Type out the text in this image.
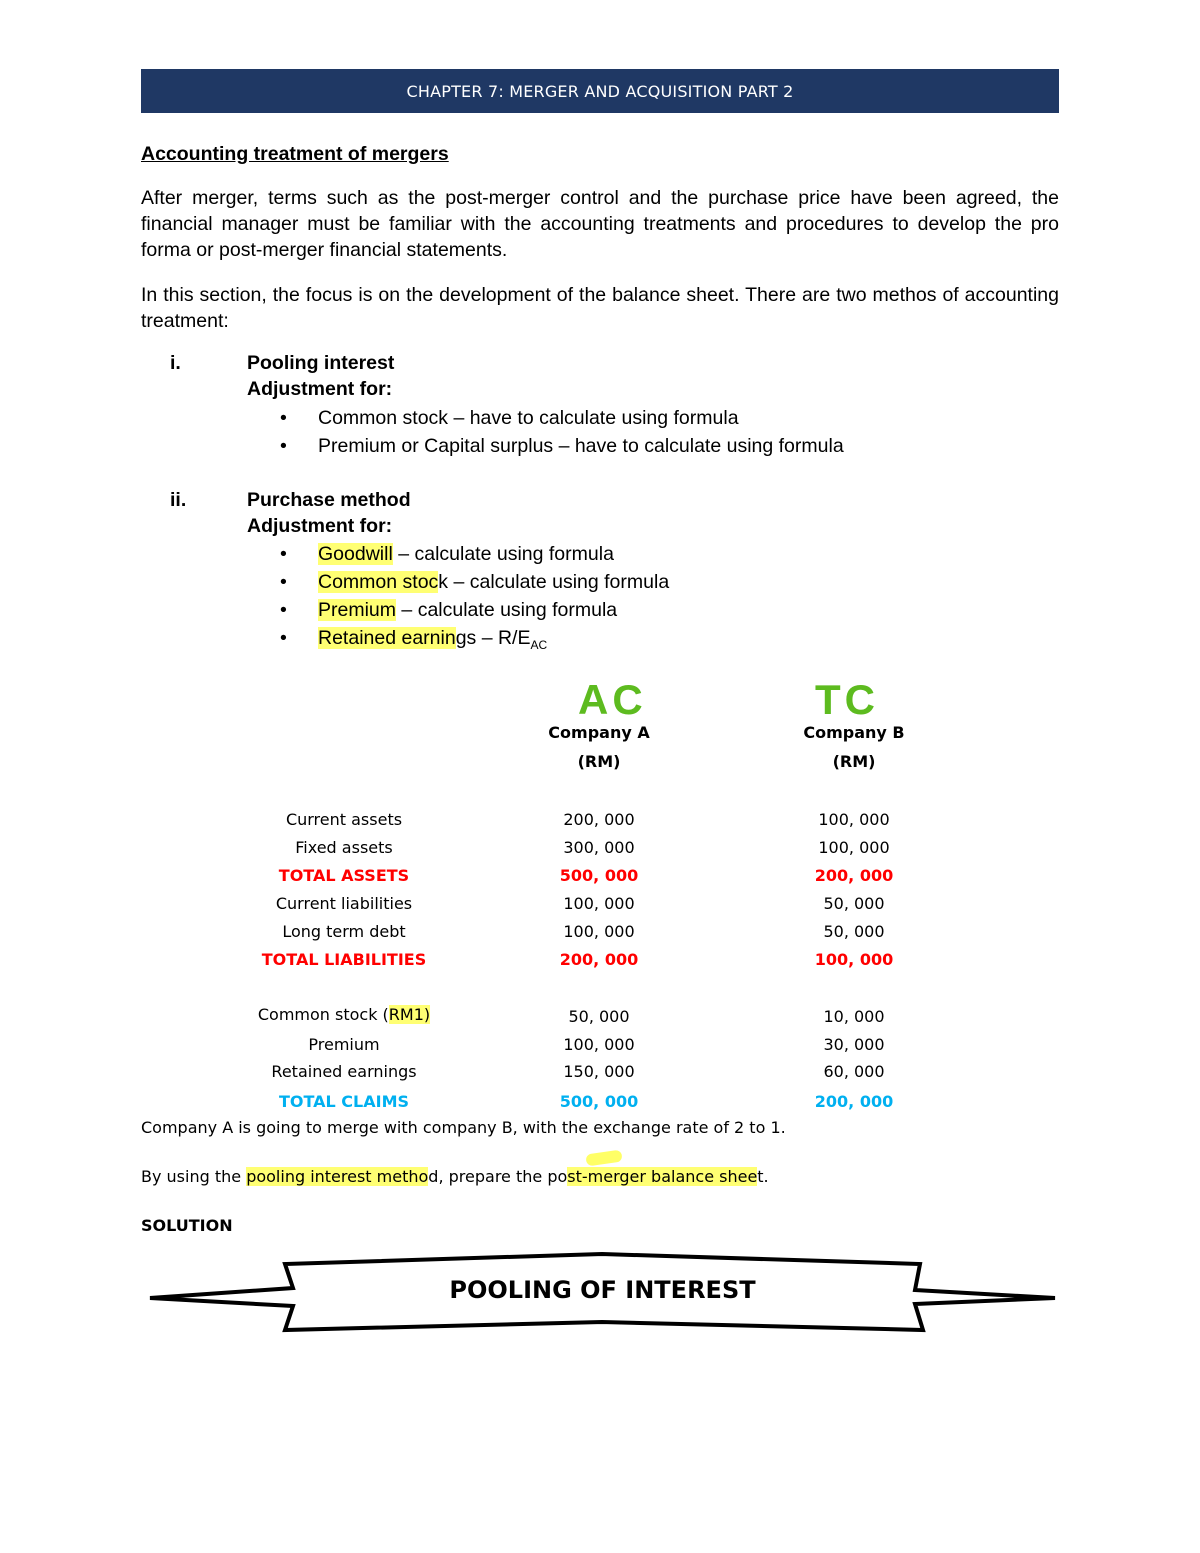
CHAPTER 7: MERGER AND ACQUISITION PART 2
Accounting treatment of mergers
After merger, terms such as the post-merger control and the purchase price have been agreed, the financial manager must be familiar with the accounting treatments and procedures to develop the pro forma or post-merger financial statements.
In this section, the focus is on the development of the balance sheet. There are two methos of accounting treatment:
i.	Pooling interest
Adjustment for:
• Common stock – have to calculate using formula
• Premium or Capital surplus – have to calculate using formula
ii.	Purchase method
Adjustment for:
• Goodwill – calculate using formula
• Common stock – calculate using formula
• Premium – calculate using formula
• Retained earnings – $R/E_{AC}$
AC	TC
Company A
(RM)
Company B
(RM)
Current assets	200, 000	100, 000
Fixed assets	300, 000	100, 000
TOTAL ASSETS	500, 000	200, 000
Current liabilities	100, 000	50, 000
Long term debt	100, 000	50, 000
TOTAL LIABILITIES	200, 000	100, 000
Common stock (RM1)	50, 000	10, 000
Premium	100, 000	30, 000
Retained earnings	150, 000	60, 000
TOTAL CLAIMS	500, 000	200, 000
Company A is going to merge with company B, with the exchange rate of 2 to 1.
By using the pooling interest method, prepare the post-merger balance sheet.
SOLUTION
POOLING OF INTEREST
